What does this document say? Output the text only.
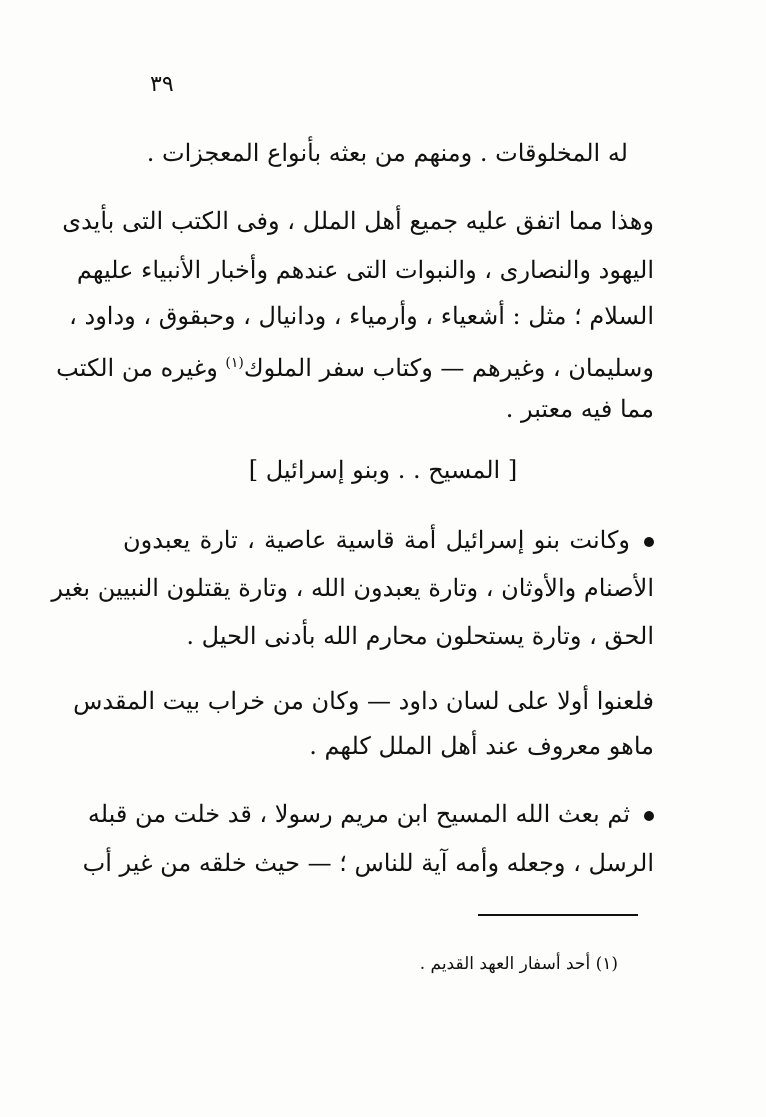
٣٩
له المخلوقات . ومنهم من بعثه بأنواع المعجزات .
وهذا مما اتفق عليه جميع أهل الملل ، وفى الكتب التى بأيدى
اليهود والنصارى ، والنبوات التى عندهم وأخبار الأنبياء عليهم
السلام ؛ مثل : أشعياء ، وأرمياء ، ودانيال ، وحبقوق ، وداود ،
وسليمان ، وغيرهم — وكتاب سفر الملوك$^{(١)}$ وغيره من الكتب
مما فيه معتبر .
[ المسيح . . وبنو إسرائيل ]
وكانت بنو إسرائيل أمة قاسية عاصية ، تارة يعبدون
الأصنام والأوثان ، وتارة يعبدون الله ، وتارة يقتلون النبيين بغير
الحق ، وتارة يستحلون محارم الله بأدنى الحيل .
فلعنوا أولا على لسان داود — وكان من خراب بيت المقدس
ماهو معروف عند أهل الملل كلهم .
ثم بعث الله المسيح ابن مريم رسولا ، قد خلت من قبله
الرسل ، وجعله وأمه آية للناس ؛ — حيث خلقه من غير أب
(١) أحد أسفار العهد القديم .
